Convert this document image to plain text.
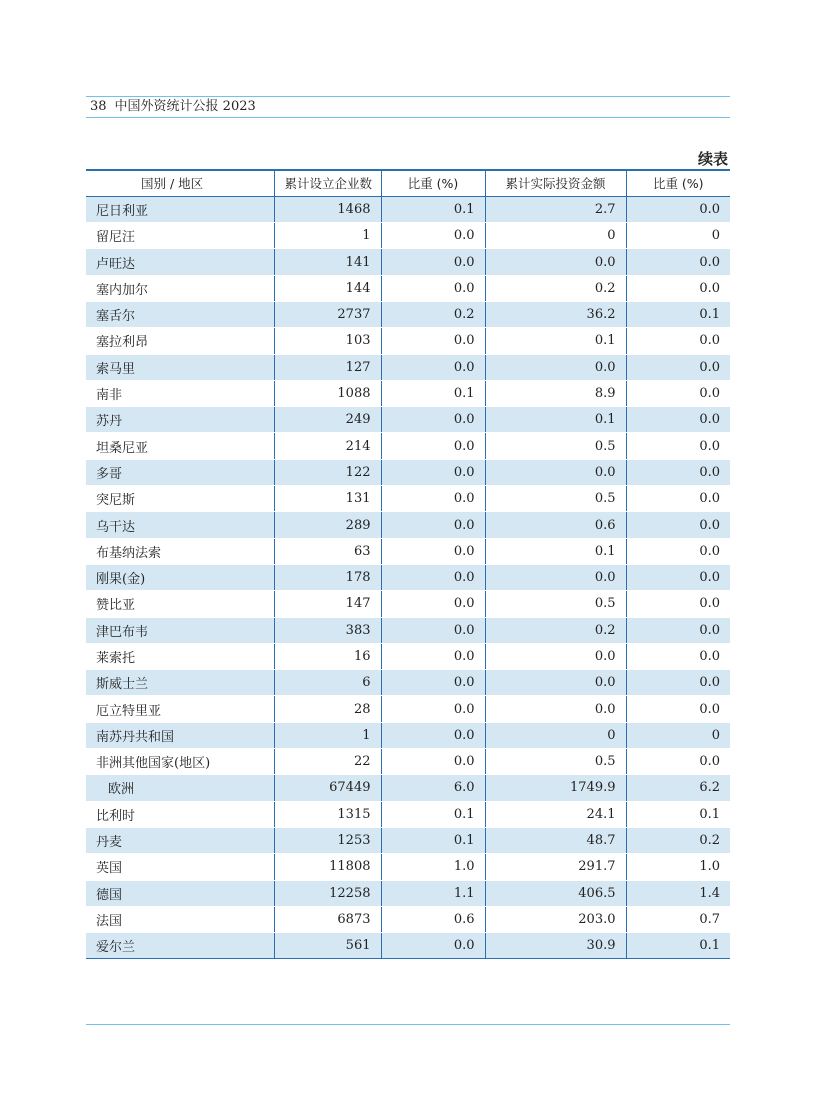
38 中国外资统计公报 2023
续表
国别 / 地区	累计设立企业数	比重 (%)	累计实际投资金额	比重 (%)
尼日利亚	1468	0.1	2.7	0.0
留尼汪	1	0.0	0	0
卢旺达	141	0.0	0.0	0.0
塞内加尔	144	0.0	0.2	0.0
塞舌尔	2737	0.2	36.2	0.1
塞拉利昂	103	0.0	0.1	0.0
索马里	127	0.0	0.0	0.0
南非	1088	0.1	8.9	0.0
苏丹	249	0.0	0.1	0.0
坦桑尼亚	214	0.0	0.5	0.0
多哥	122	0.0	0.0	0.0
突尼斯	131	0.0	0.5	0.0
乌干达	289	0.0	0.6	0.0
布基纳法索	63	0.0	0.1	0.0
刚果(金)	178	0.0	0.0	0.0
赞比亚	147	0.0	0.5	0.0
津巴布韦	383	0.0	0.2	0.0
莱索托	16	0.0	0.0	0.0
斯威士兰	6	0.0	0.0	0.0
厄立特里亚	28	0.0	0.0	0.0
南苏丹共和国	1	0.0	0	0
非洲其他国家(地区)	22	0.0	0.5	0.0
欧洲	67449	6.0	1749.9	6.2
比利时	1315	0.1	24.1	0.1
丹麦	1253	0.1	48.7	0.2
英国	11808	1.0	291.7	1.0
德国	12258	1.1	406.5	1.4
法国	6873	0.6	203.0	0.7
爱尔兰	561	0.0	30.9	0.1
